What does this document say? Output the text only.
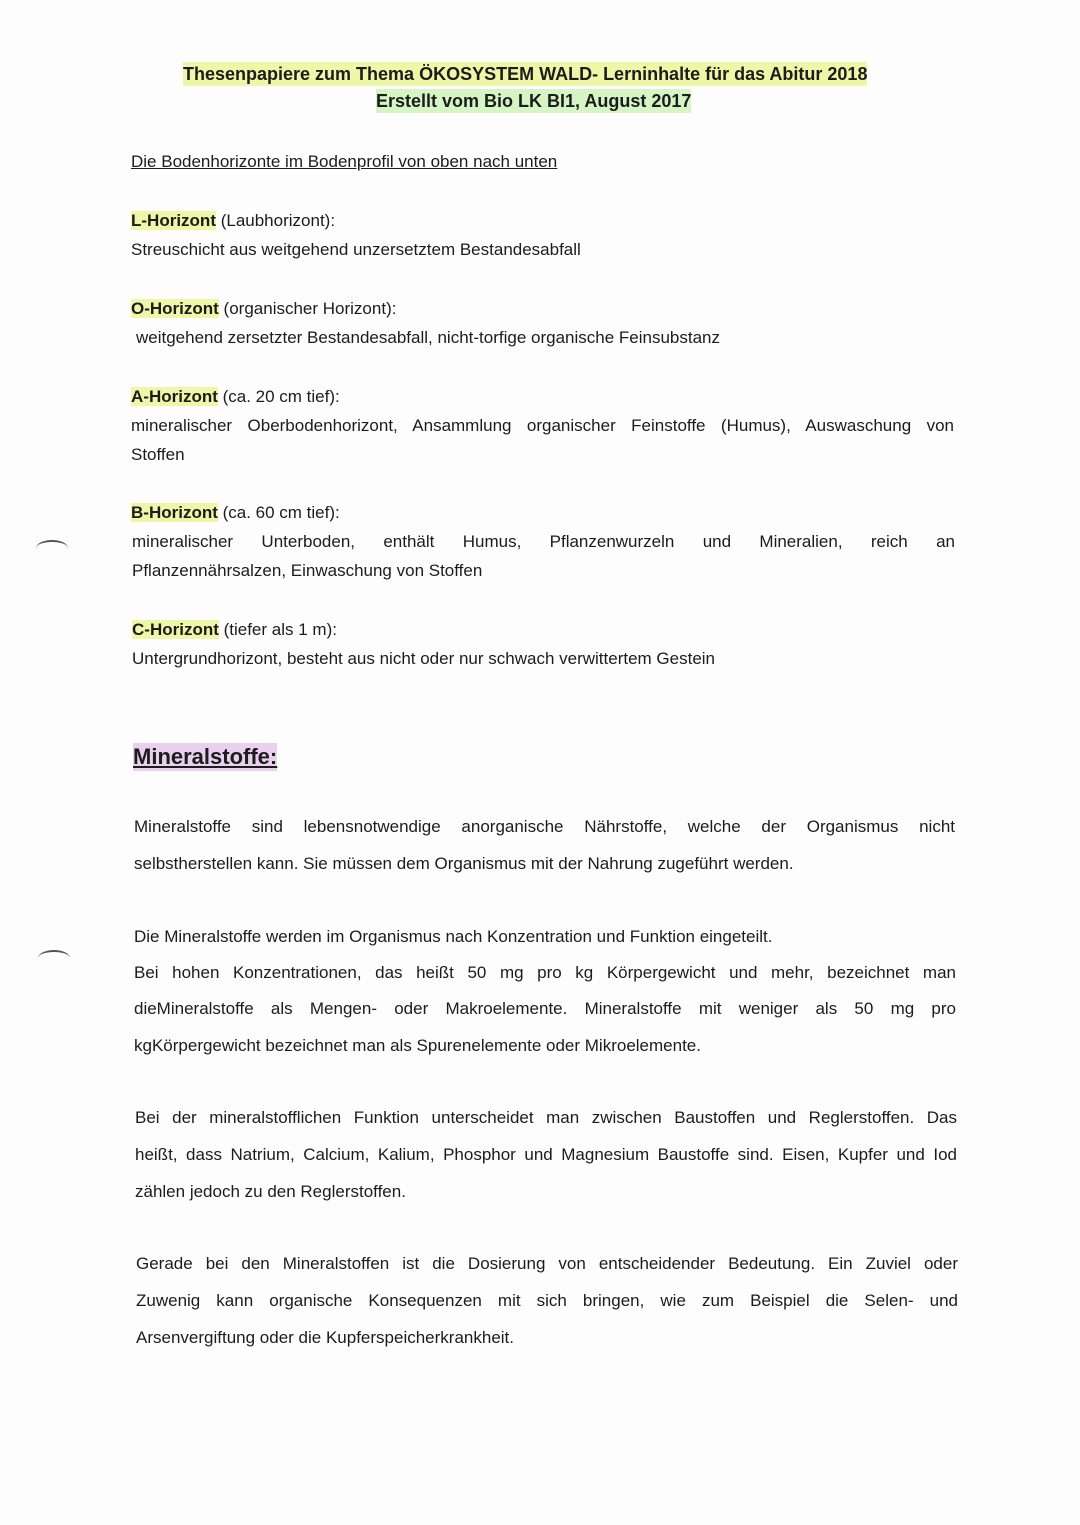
Thesenpapiere zum Thema ÖKOSYSTEM WALD- Lerninhalte für das Abitur 2018
Erstellt vom Bio LK BI1, August 2017
Die Bodenhorizonte im Bodenprofil von oben nach unten
L-Horizont (Laubhorizont):
Streuschicht aus weitgehend unzersetztem Bestandesabfall
O-Horizont (organischer Horizont):
weitgehend zersetzter Bestandesabfall, nicht-torfige organische Feinsubstanz
A-Horizont (ca. 20 cm tief):
mineralischer Oberbodenhorizont, Ansammlung organischer Feinstoffe (Humus), Auswaschung von
Stoffen
B-Horizont (ca. 60 cm tief):
mineralischer Unterboden, enthält Humus, Pflanzenwurzeln und Mineralien, reich an
Pflanzennährsalzen, Einwaschung von Stoffen
C-Horizont (tiefer als 1 m):
Untergrundhorizont, besteht aus nicht oder nur schwach verwittertem Gestein
Mineralstoffe:
Mineralstoffe sind lebensnotwendige anorganische Nährstoffe, welche der Organismus nicht
selbstherstellen kann. Sie müssen dem Organismus mit der Nahrung zugeführt werden.
Die Mineralstoffe werden im Organismus nach Konzentration und Funktion eingeteilt.
Bei hohen Konzentrationen, das heißt 50 mg pro kg Körpergewicht und mehr, bezeichnet man
dieMineralstoffe als Mengen- oder Makroelemente. Mineralstoffe mit weniger als 50 mg pro
kgKörpergewicht bezeichnet man als Spurenelemente oder Mikroelemente.
Bei der mineralstofflichen Funktion unterscheidet man zwischen Baustoffen und Reglerstoffen. Das
heißt, dass Natrium, Calcium, Kalium, Phosphor und Magnesium Baustoffe sind. Eisen, Kupfer und Iod
zählen jedoch zu den Reglerstoffen.
Gerade bei den Mineralstoffen ist die Dosierung von entscheidender Bedeutung. Ein Zuviel oder
Zuwenig kann organische Konsequenzen mit sich bringen, wie zum Beispiel die Selen- und
Arsenvergiftung oder die Kupferspeicherkrankheit.
